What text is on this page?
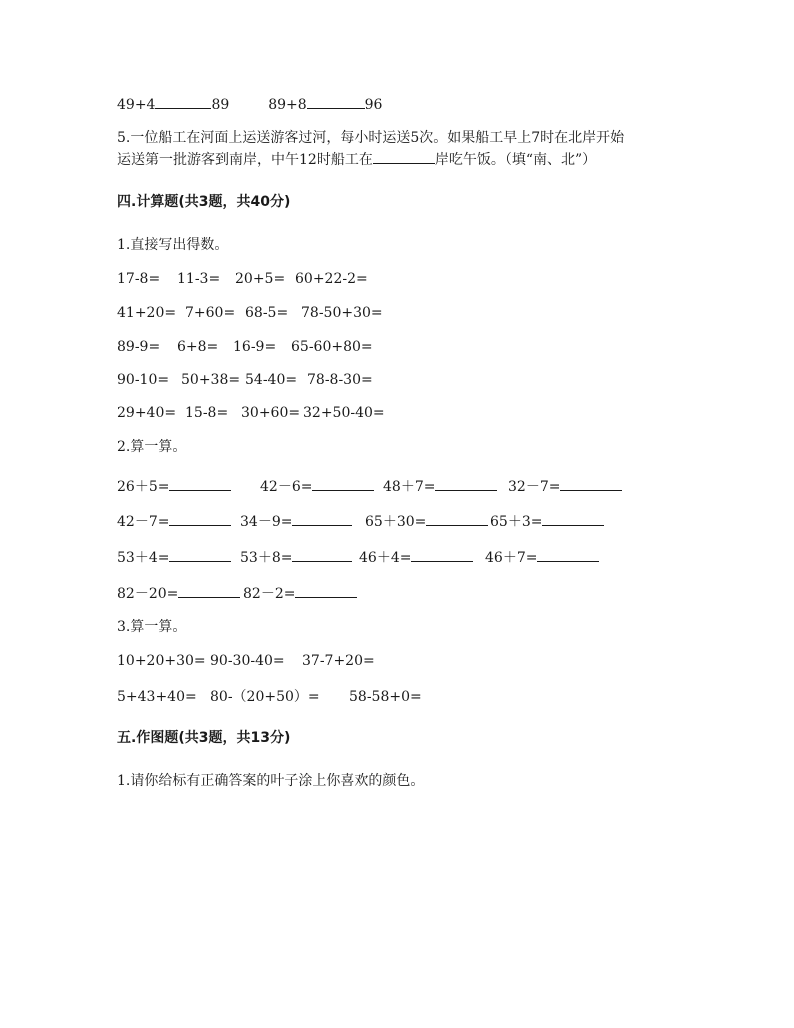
49+4	89	89+8	96
5.一位船工在河面上运送游客过河，每小时运送5次。如果船工早上7时在北岸开始
运送第一批游客到南岸，中午12时船工在	岸吃午饭。（填“南、北”）
四.计算题(共3题，共40分)
1.直接写出得数。
17-8= 11-3= 20+5= 60+22-2=
41+20= 7+60= 68-5= 78-50+30=
89-9= 6+8= 16-9= 65-60+80=
90-10= 50+38= 54-40= 78-8-30=
29+40= 15-8= 30+60= 32+50-40=
2.算一算。
26＋5=	42－6=	48＋7=	32－7=
42－7=	34－9=	65＋30=	65＋3=
53＋4=	53＋8=	46＋4=	46＋7=
82－20=	82－2=
3.算一算。
10+20+30= 90-30-40= 37-7+20=
5+43+40= 80-（20+50）= 58-58+0=
五.作图题(共3题，共13分)
1.请你给标有正确答案的叶子涂上你喜欢的颜色。
